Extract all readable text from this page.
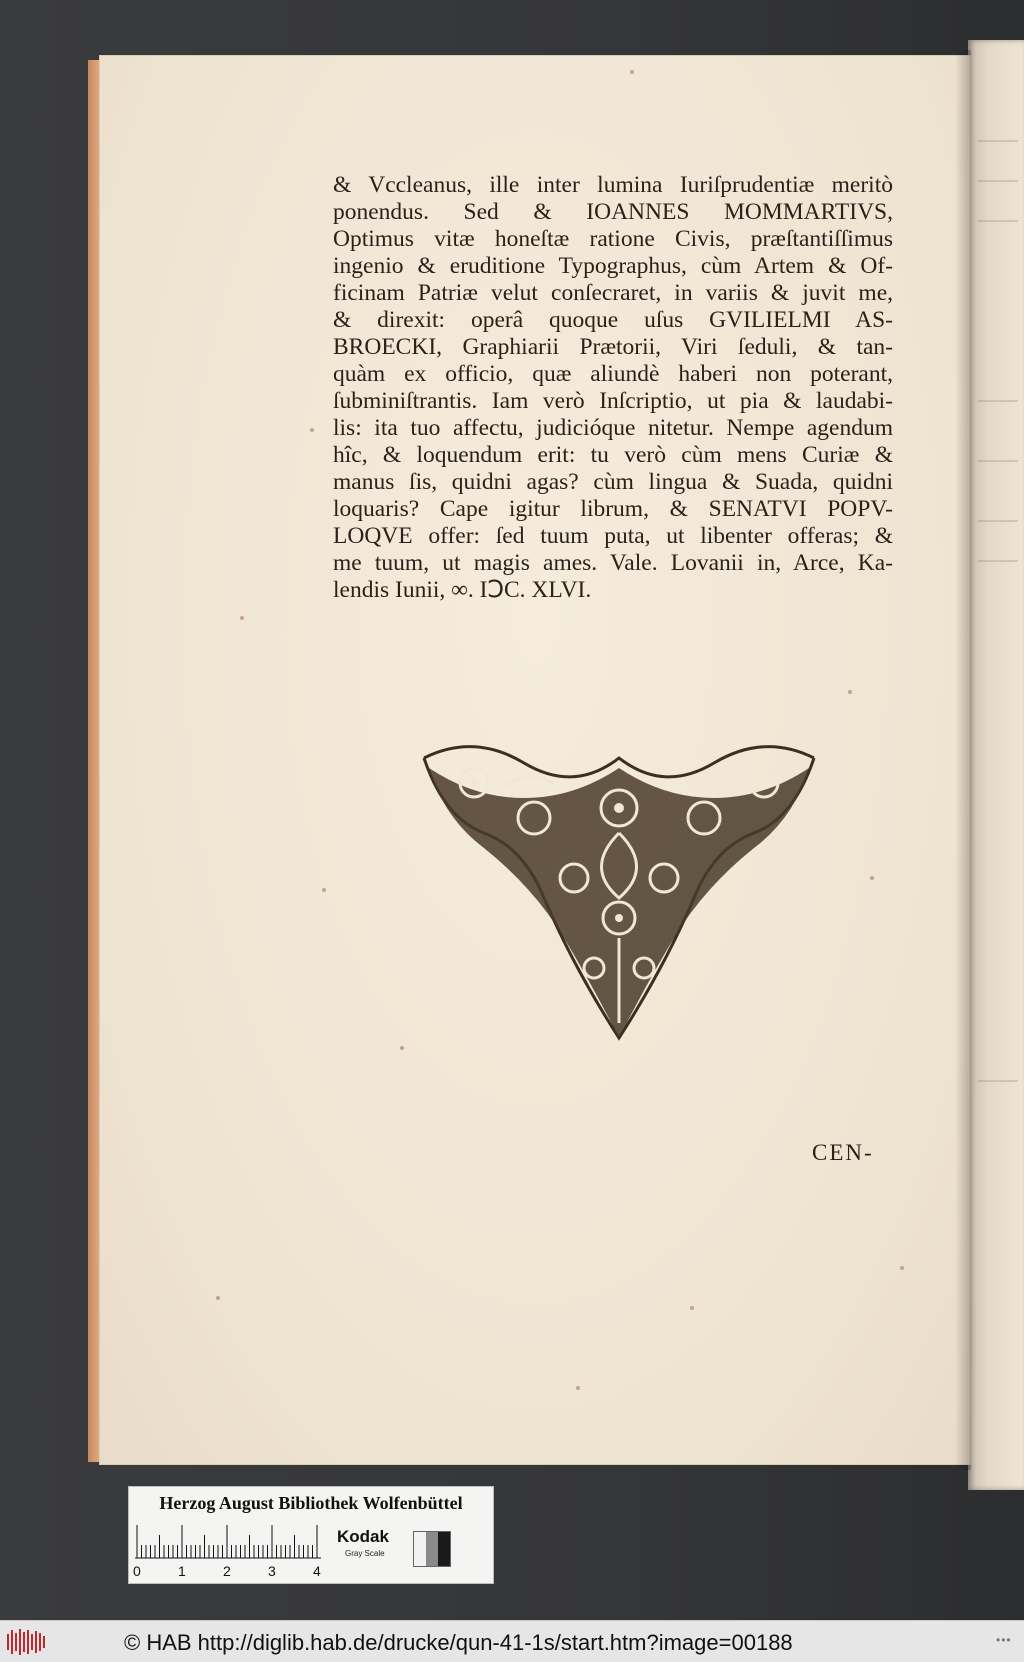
& Vccleanus, ille inter lumina Iuriſprudentiæ meritò
ponendus. Sed & IOANNES MOMMARTIVS,
Optimus vitæ honeſtæ ratione Civis, præſtantiſſimus
ingenio & eruditione Typographus, cùm Artem & Of-
ficinam Patriæ velut conſecraret, in variis & juvit me,
& direxit: operâ quoque uſus GVILIELMI AS-
BROECKI, Graphiarii Prætorii, Viri ſeduli, & tan-
quàm ex officio, quæ aliundè haberi non poterant,
ſubminiſtrantis. Iam verò Inſcriptio, ut pia & laudabi-
lis: ita tuo affectu, judicióque nitetur. Nempe agendum
hîc, & loquendum erit: tu verò cùm mens Curiæ &
manus ſis, quidni agas? cùm lingua & Suada, quidni
loquaris? Cape igitur librum, & SENATVI POPV-
LOQVE offer: ſed tuum puta, ut libenter offeras; &
me tuum, ut magis ames. Vale. Lovanii in, Arce, Ka-
lendis Iunii, ∞. IↃC. XLVI.
CEN-
Herzog August Bibliothek Wolfenbüttel
0	1	2	3	4
Kodak
Gray Scale
© HAB http://diglib.hab.de/drucke/qun-41-1s/start.htm?image=00188	•••
